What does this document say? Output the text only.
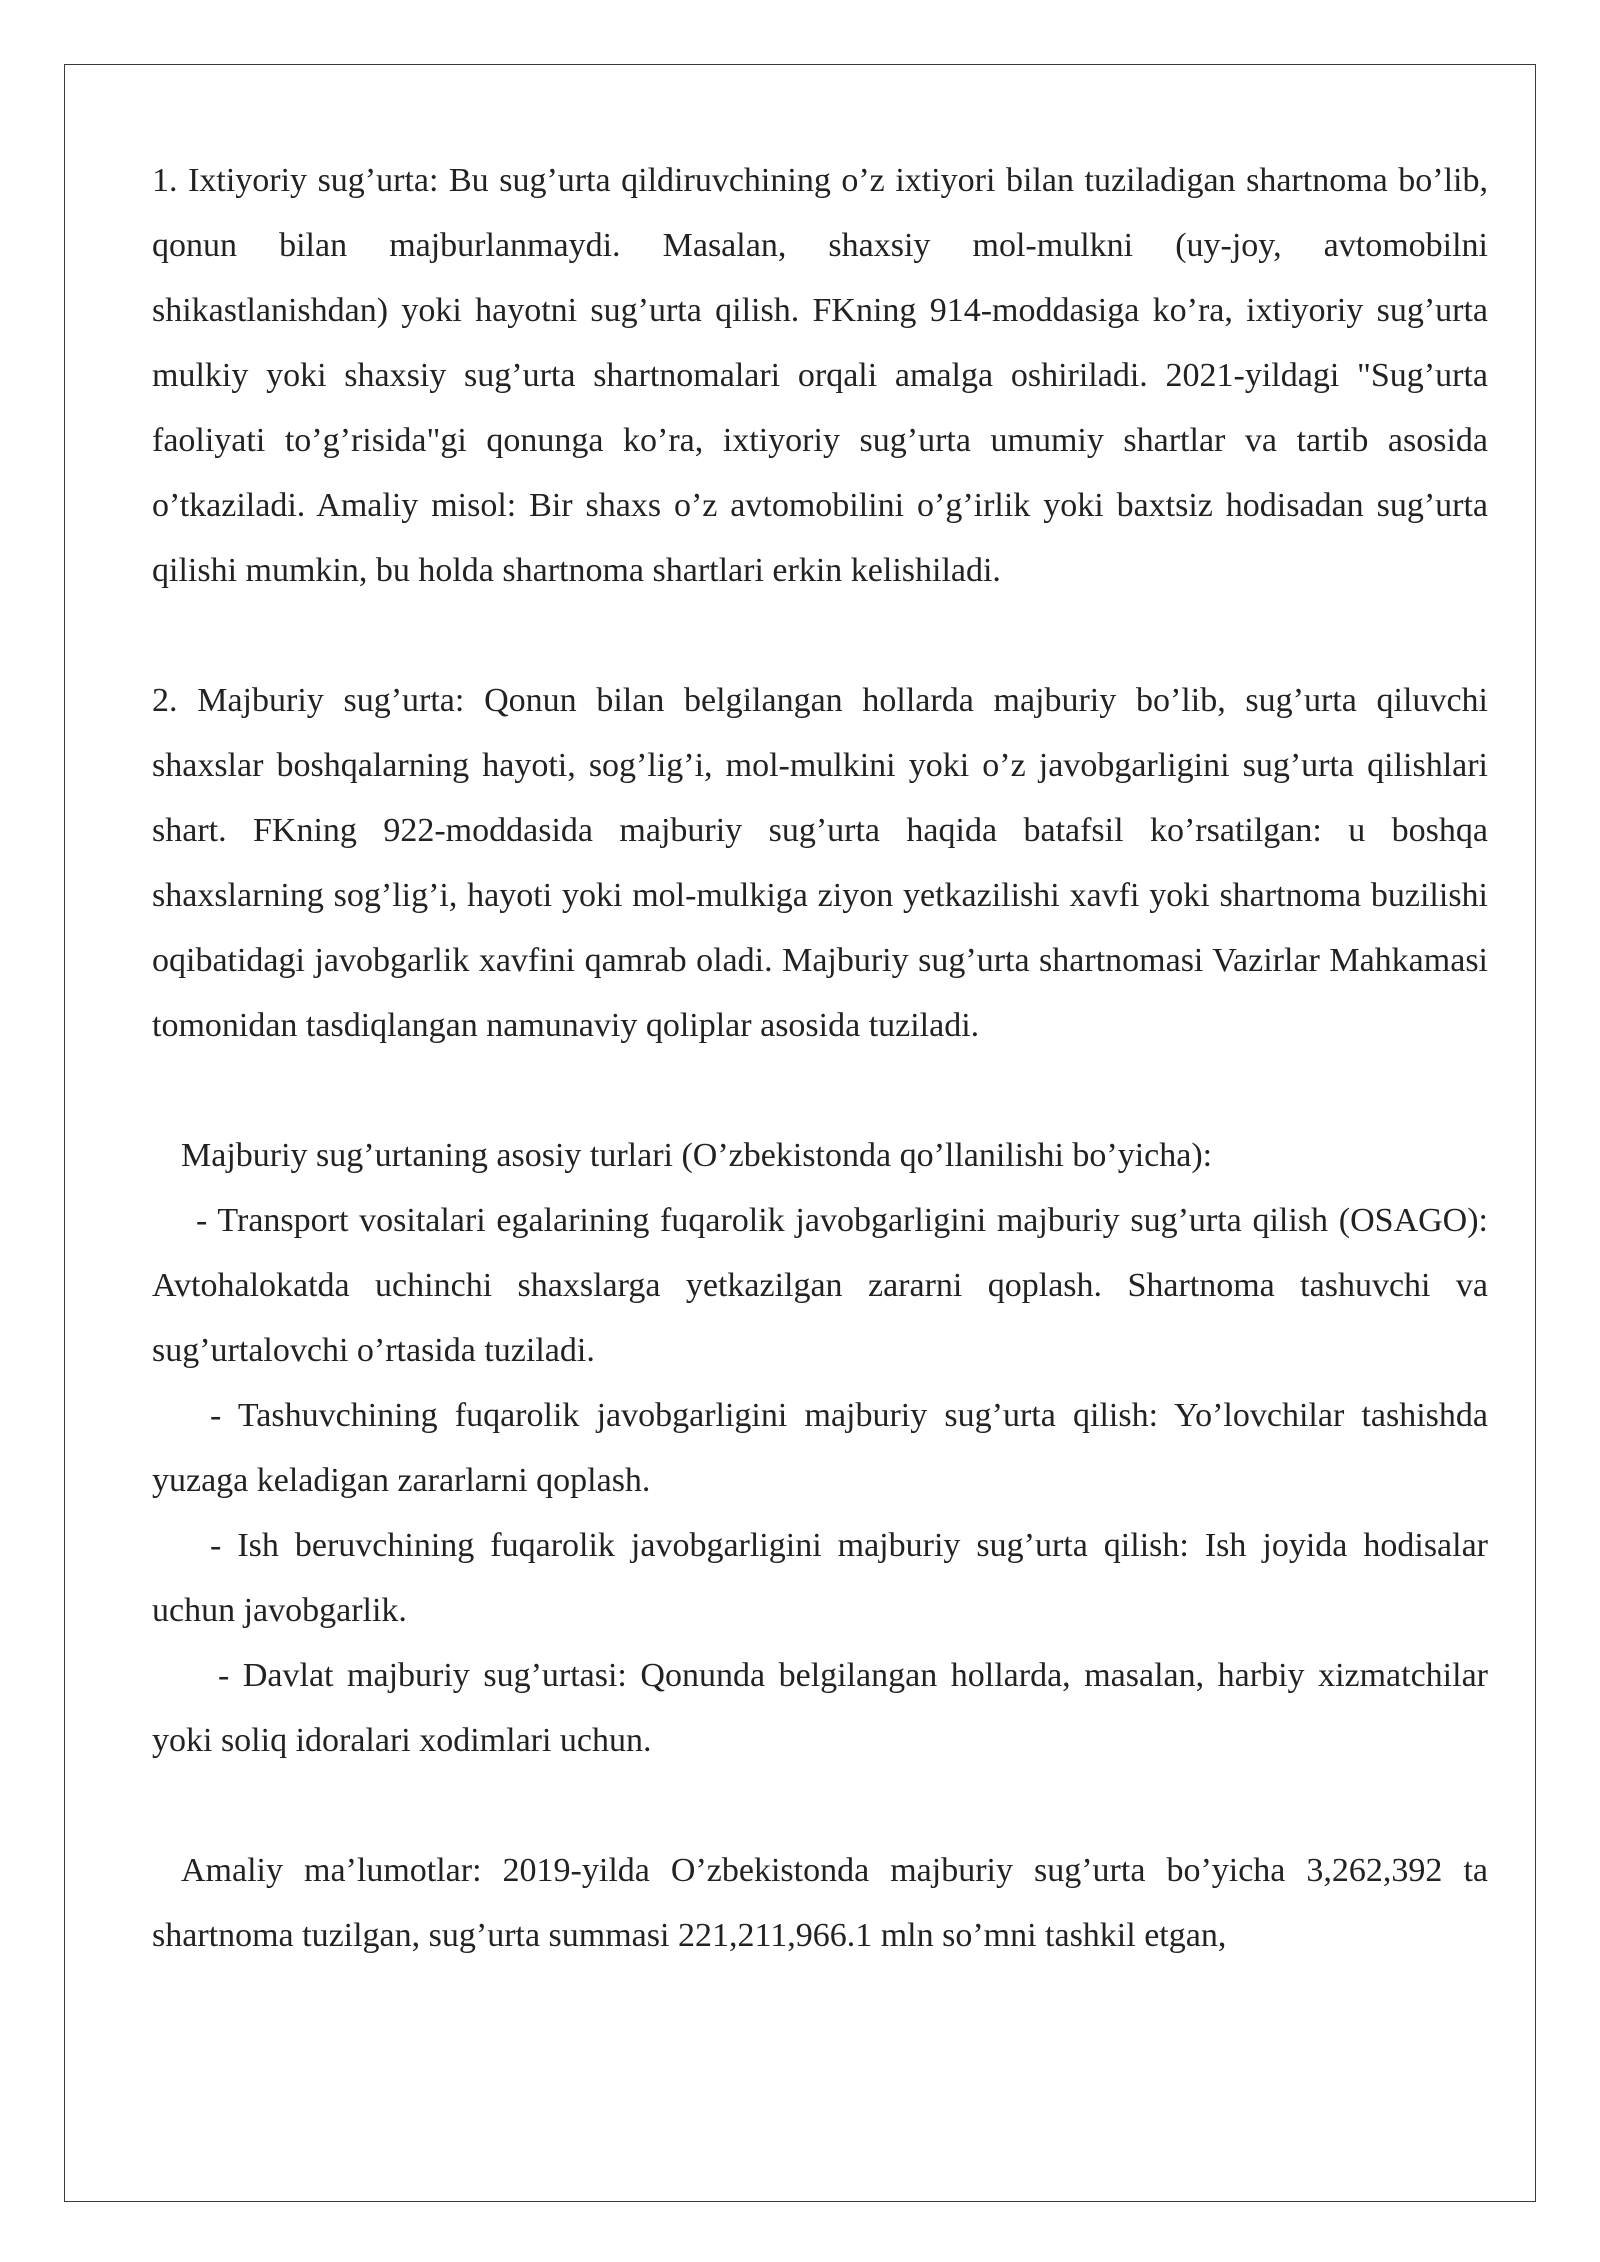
1. Ixtiyoriy sug’urta: Bu sug’urta qildiruvchining o’z ixtiyori bilan tuziladigan shartnoma bo’lib, qonun bilan majburlanmaydi. Masalan, shaxsiy mol-mulkni (uy-joy, avtomobilni shikastlanishdan) yoki hayotni sug’urta qilish. FKning 914-moddasiga ko’ra, ixtiyoriy sug’urta mulkiy yoki shaxsiy sug’urta shartnomalari orqali amalga oshiriladi. 2021-yildagi "Sug’urta faoliyati to’g’risida"gi qonunga ko’ra, ixtiyoriy sug’urta umumiy shartlar va tartib asosida o’tkaziladi. Amaliy misol: Bir shaxs o’z avtomobilini o’g’irlik yoki baxtsiz hodisadan sug’urta qilishi mumkin, bu holda shartnoma shartlari erkin kelishiladi.

2. Majburiy sug’urta: Qonun bilan belgilangan hollarda majburiy bo’lib, sug’urta qiluvchi shaxslar boshqalarning hayoti, sog’lig’i, mol-mulkini yoki o’z javobgarligini sug’urta qilishlari shart. FKning 922-moddasida majburiy sug’urta haqida batafsil ko’rsatilgan: u boshqa shaxslarning sog’lig’i, hayoti yoki mol-mulkiga ziyon yetkazilishi xavfi yoki shartnoma buzilishi oqibatidagi javobgarlik xavfini qamrab oladi. Majburiy sug’urta shartnomasi Vazirlar Mahkamasi tomonidan tasdiqlangan namunaviy qoliplar asosida tuziladi.

Majburiy sug’urtaning asosiy turlari (O’zbekistonda qo’llanilishi bo’yicha):

- Transport vositalari egalarining fuqarolik javobgarligini majburiy sug’urta qilish (OSAGO): Avtohalokatda uchinchi shaxslarga yetkazilgan zararni qoplash. Shartnoma tashuvchi va sug’urtalovchi o’rtasida tuziladi.

- Tashuvchining fuqarolik javobgarligini majburiy sug’urta qilish: Yo’lovchilar tashishda yuzaga keladigan zararlarni qoplash.

- Ish beruvchining fuqarolik javobgarligini majburiy sug’urta qilish: Ish joyida hodisalar uchun javobgarlik.

- Davlat majburiy sug’urtasi: Qonunda belgilangan hollarda, masalan, harbiy xizmatchilar yoki soliq idoralari xodimlari uchun.

Amaliy ma’lumotlar: 2019-yilda O’zbekistonda majburiy sug’urta bo’yicha 3,262,392 ta shartnoma tuzilgan, sug’urta summasi 221,211,966.1 mln so’mni tashkil etgan,
